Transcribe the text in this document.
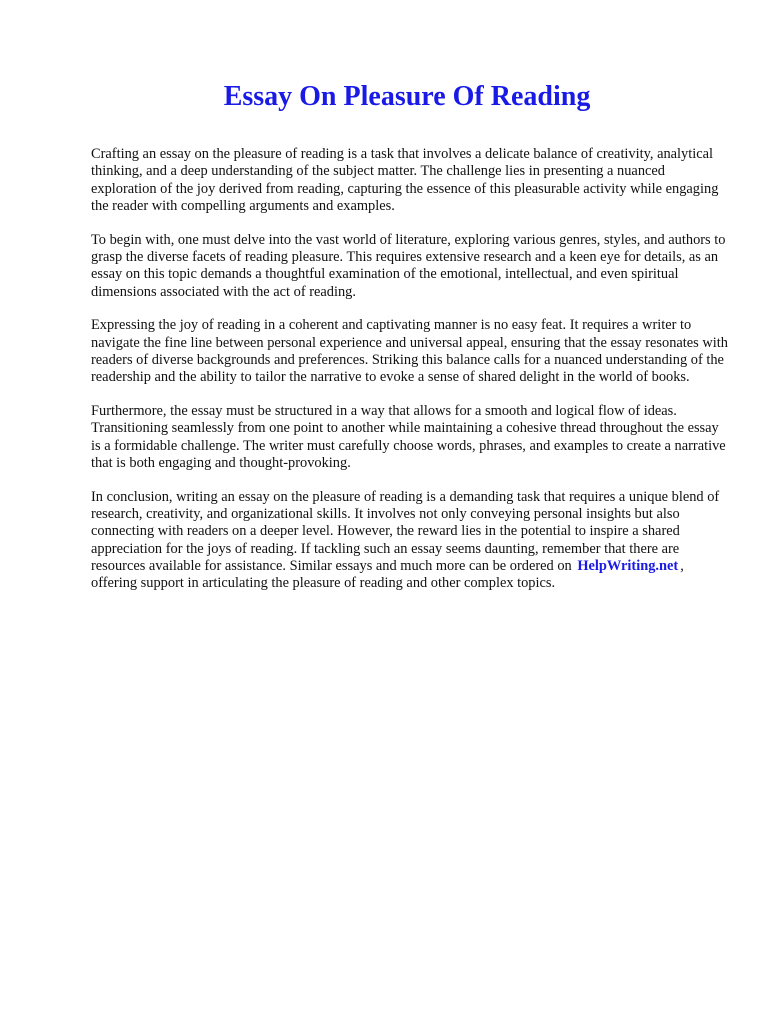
Essay On Pleasure Of Reading

Crafting an essay on the pleasure of reading is a task that involves a delicate balance of creativity, analytical thinking, and a deep understanding of the subject matter. The challenge lies in presenting a nuanced exploration of the joy derived from reading, capturing the essence of this pleasurable activity while engaging the reader with compelling arguments and examples.

To begin with, one must delve into the vast world of literature, exploring various genres, styles, and authors to grasp the diverse facets of reading pleasure. This requires extensive research and a keen eye for details, as an essay on this topic demands a thoughtful examination of the emotional, intellectual, and even spiritual dimensions associated with the act of reading.

Expressing the joy of reading in a coherent and captivating manner is no easy feat. It requires a writer to navigate the fine line between personal experience and universal appeal, ensuring that the essay resonates with readers of diverse backgrounds and preferences. Striking this balance calls for a nuanced understanding of the readership and the ability to tailor the narrative to evoke a sense of shared delight in the world of books.

Furthermore, the essay must be structured in a way that allows for a smooth and logical flow of ideas. Transitioning seamlessly from one point to another while maintaining a cohesive thread throughout the essay is a formidable challenge. The writer must carefully choose words, phrases, and examples to create a narrative that is both engaging and thought-provoking.

In conclusion, writing an essay on the pleasure of reading is a demanding task that requires a unique blend of research, creativity, and organizational skills. It involves not only conveying personal insights but also connecting with readers on a deeper level. However, the reward lies in the potential to inspire a shared appreciation for the joys of reading. If tackling such an essay seems daunting, remember that there are resources available for assistance. Similar essays and much more can be ordered on HelpWriting.net , offering support in articulating the pleasure of reading and other complex topics.
